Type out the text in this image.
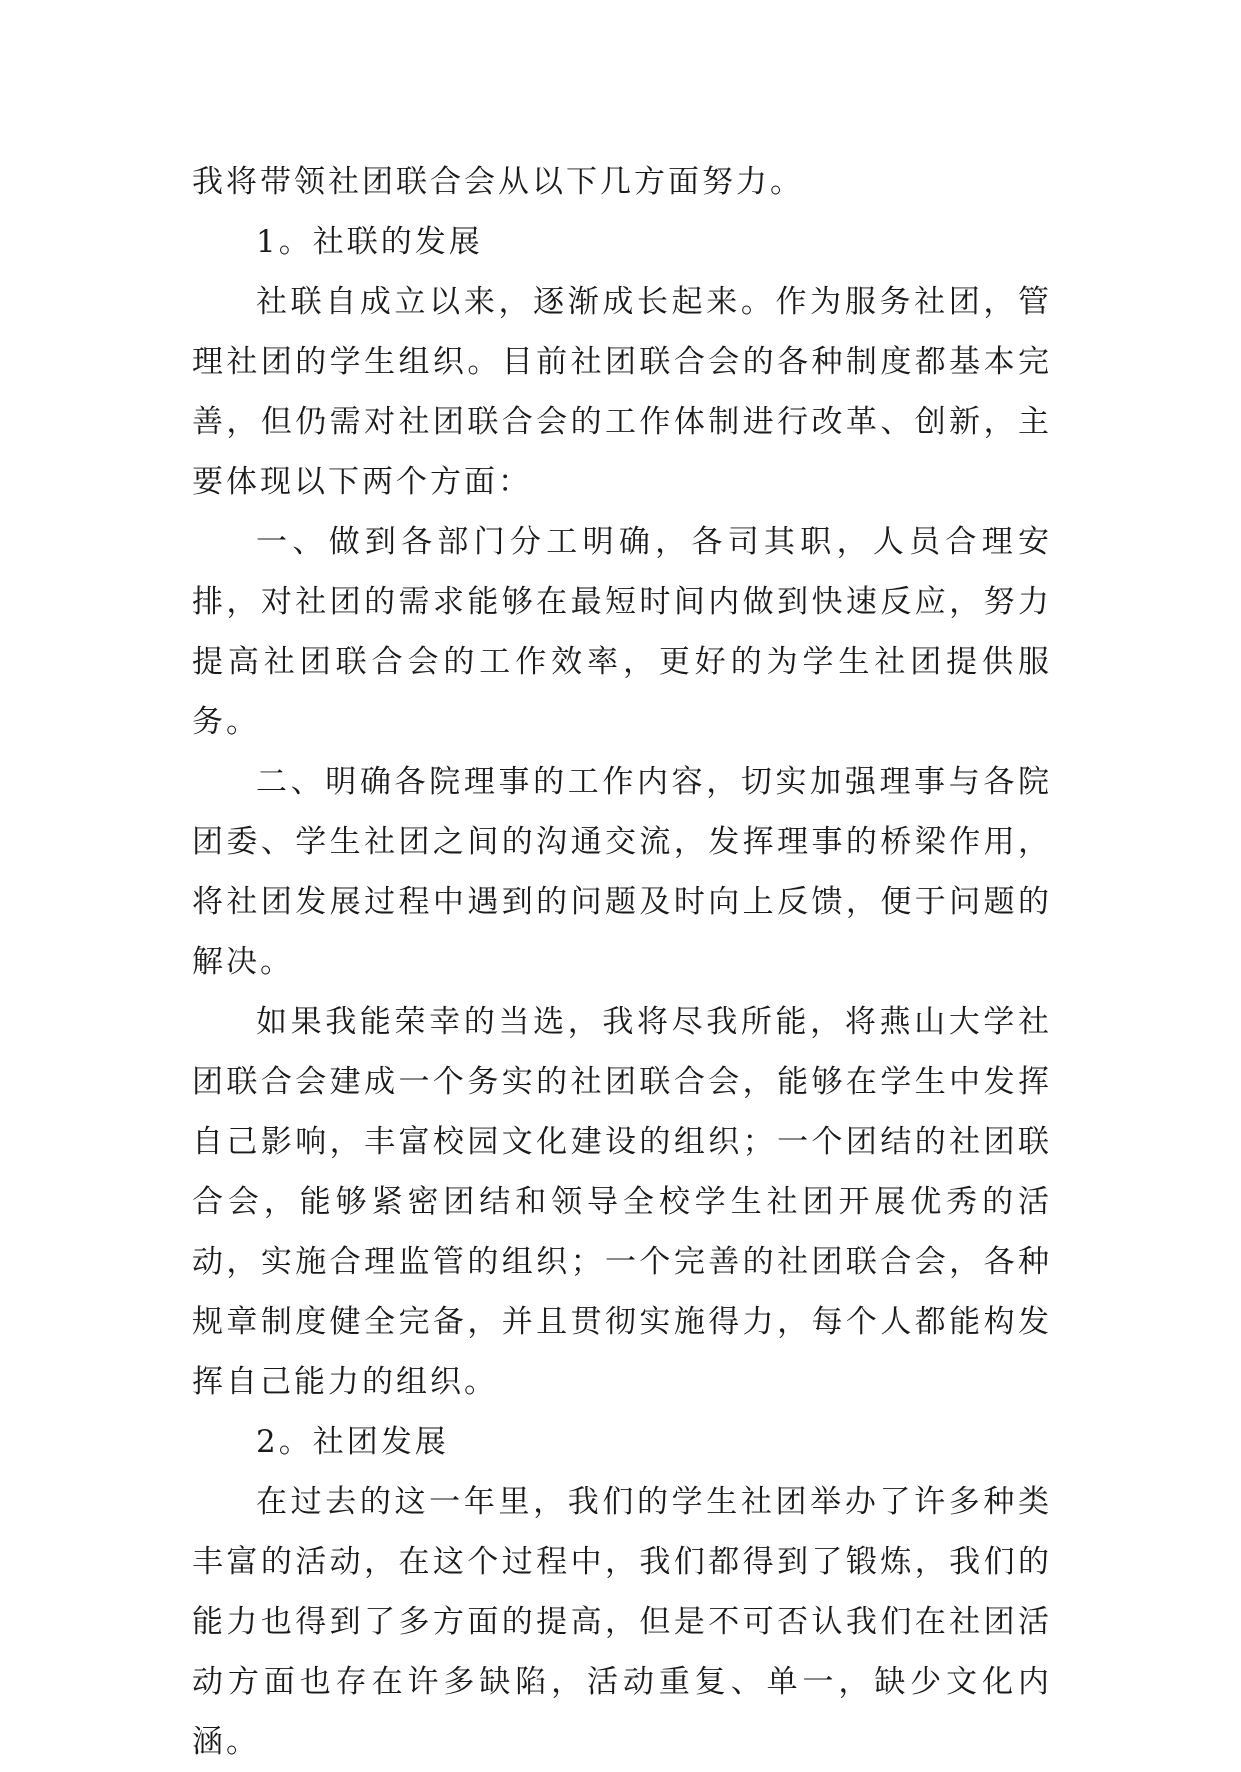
我将带领社团联合会从以下几方面努力。

1。社联的发展

社联自成立以来，逐渐成长起来。作为服务社团，管理社团的学生组织。目前社团联合会的各种制度都基本完善，但仍需对社团联合会的工作体制进行改革、创新，主要体现以下两个方面：

一、做到各部门分工明确，各司其职，人员合理安排，对社团的需求能够在最短时间内做到快速反应，努力提高社团联合会的工作效率，更好的为学生社团提供服务。

二、明确各院理事的工作内容，切实加强理事与各院团委、学生社团之间的沟通交流，发挥理事的桥梁作用，将社团发展过程中遇到的问题及时向上反馈，便于问题的解决。

如果我能荣幸的当选，我将尽我所能，将燕山大学社团联合会建成一个务实的社团联合会，能够在学生中发挥自己影响，丰富校园文化建设的组织；一个团结的社团联合会，能够紧密团结和领导全校学生社团开展优秀的活动，实施合理监管的组织；一个完善的社团联合会，各种规章制度健全完备，并且贯彻实施得力，每个人都能构发挥自己能力的组织。

2。社团发展

在过去的这一年里，我们的学生社团举办了许多种类丰富的活动，在这个过程中，我们都得到了锻炼，我们的能力也得到了多方面的提高，但是不可否认我们在社团活动方面也存在许多缺陷，活动重复、单一，缺少文化内涵。
